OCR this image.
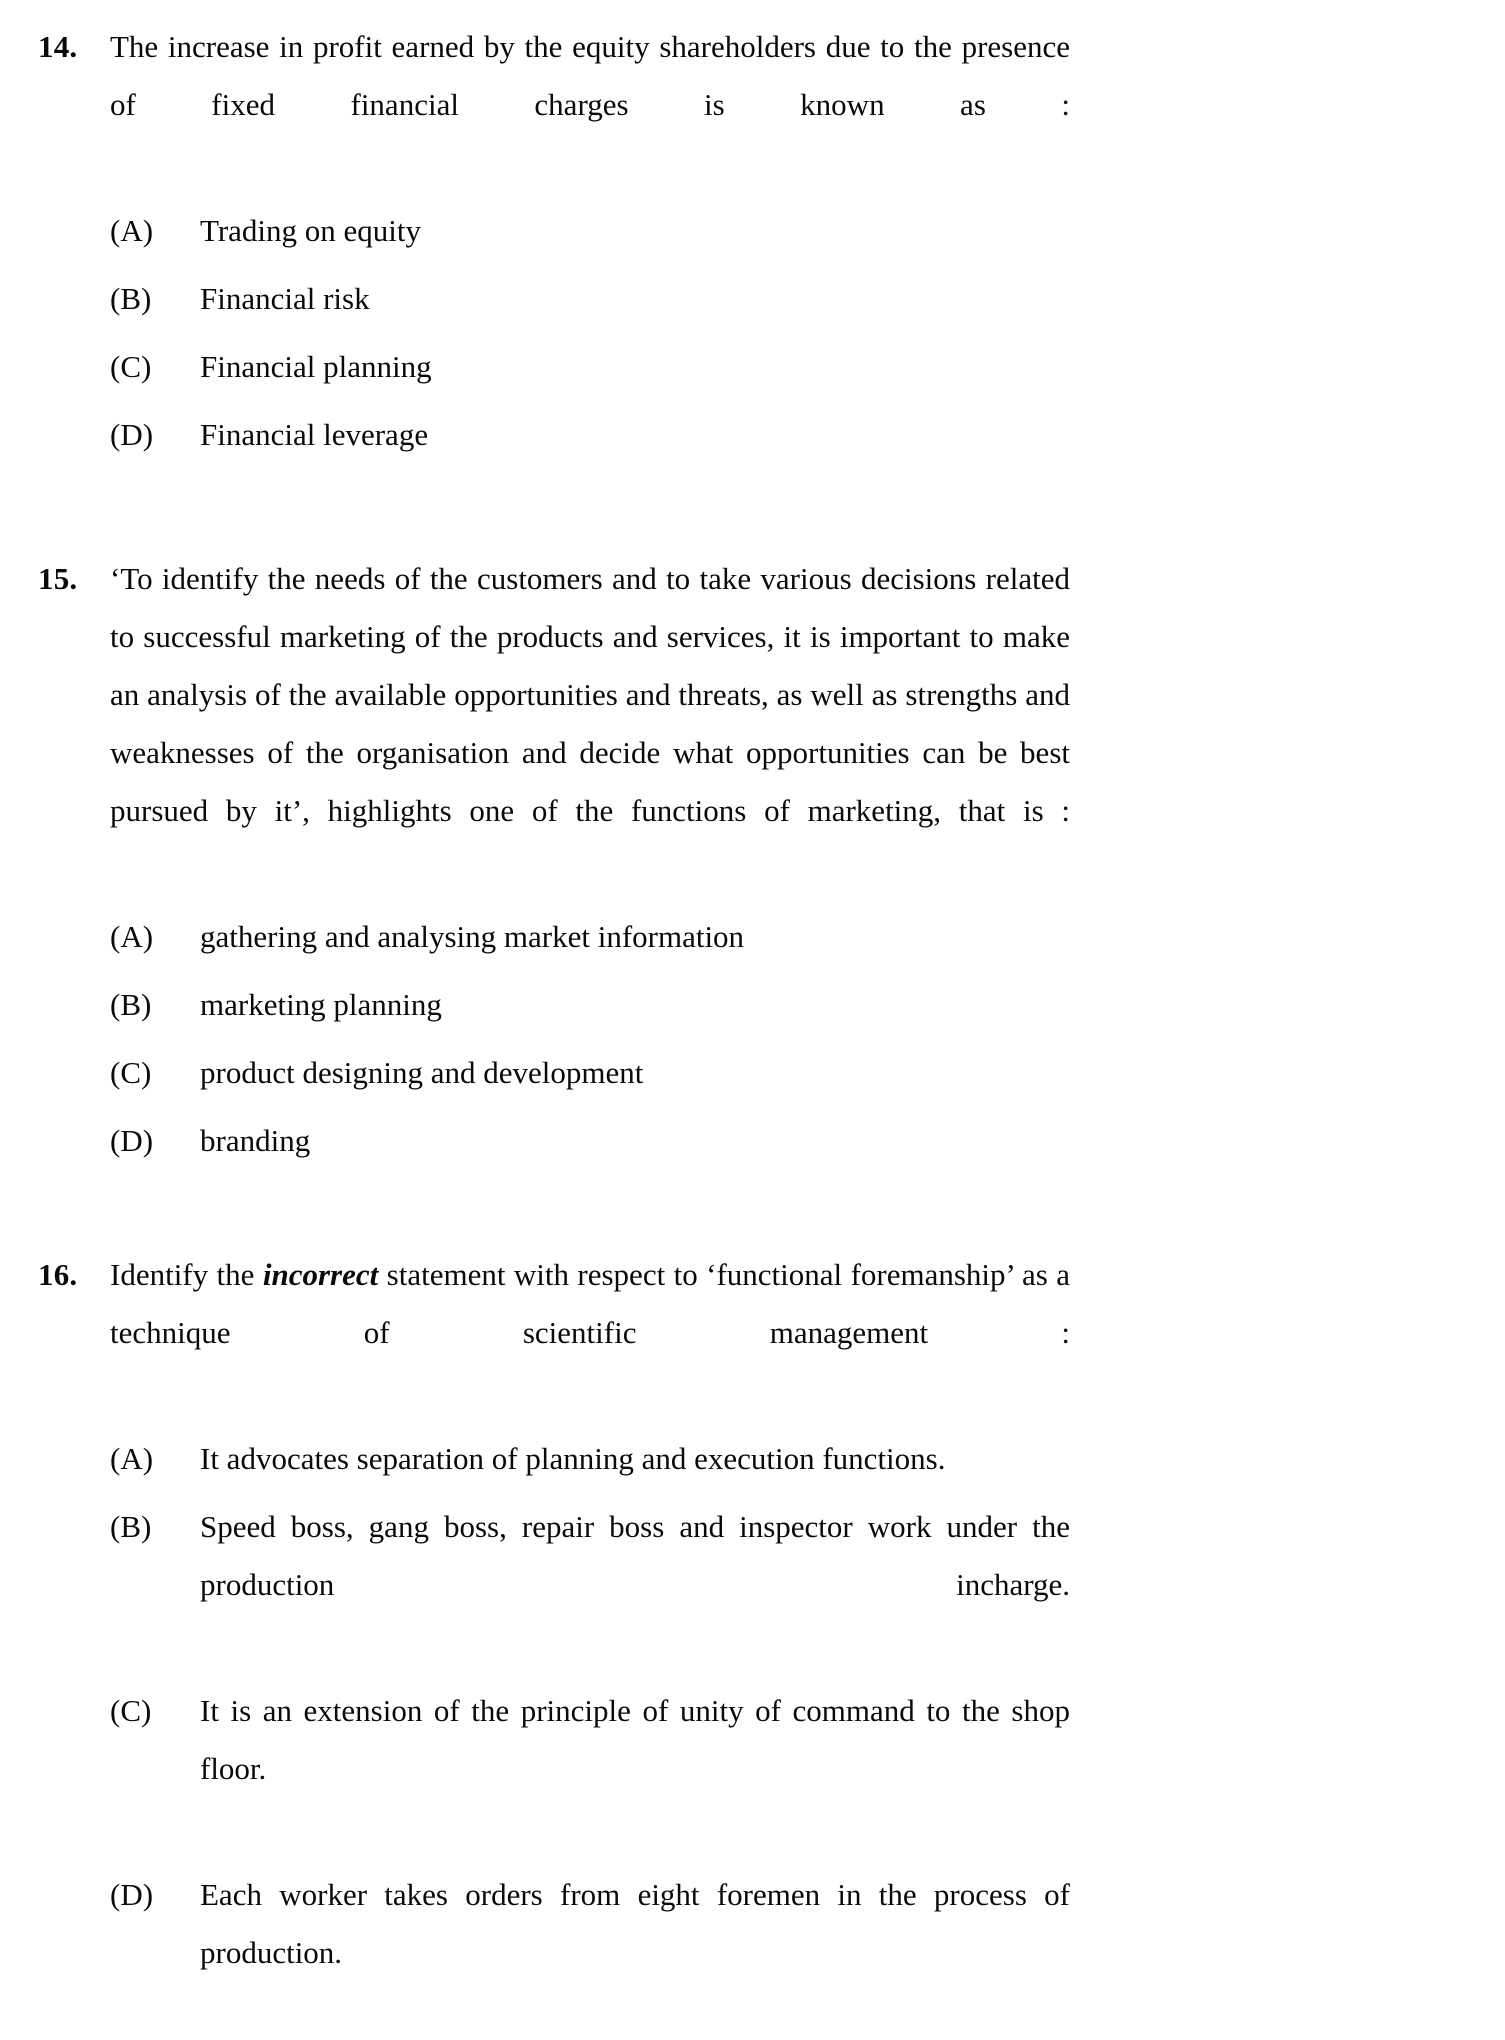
14.	The increase in profit earned by the equity shareholders due to the presence of fixed financial charges is known as :
(A)	Trading on equity
(B)	Financial risk
(C)	Financial planning
(D)	Financial leverage
15.	‘To identify the needs of the customers and to take various decisions related to successful marketing of the products and services, it is important to make an analysis of the available opportunities and threats, as well as strengths and weaknesses of the organisation and decide what opportunities can be best pursued by it’, highlights one of the functions of marketing, that is :
(A)	gathering and analysing market information
(B)	marketing planning
(C)	product designing and development
(D)	branding
16.	Identify the incorrect statement with respect to ‘functional foremanship’ as a technique of scientific management :
(A)	It advocates separation of planning and execution functions.
(B)	Speed boss, gang boss, repair boss and inspector work under the production incharge.
(C)	It is an extension of the principle of unity of command to the shop floor.
(D)	Each worker takes orders from eight foremen in the process of production.
